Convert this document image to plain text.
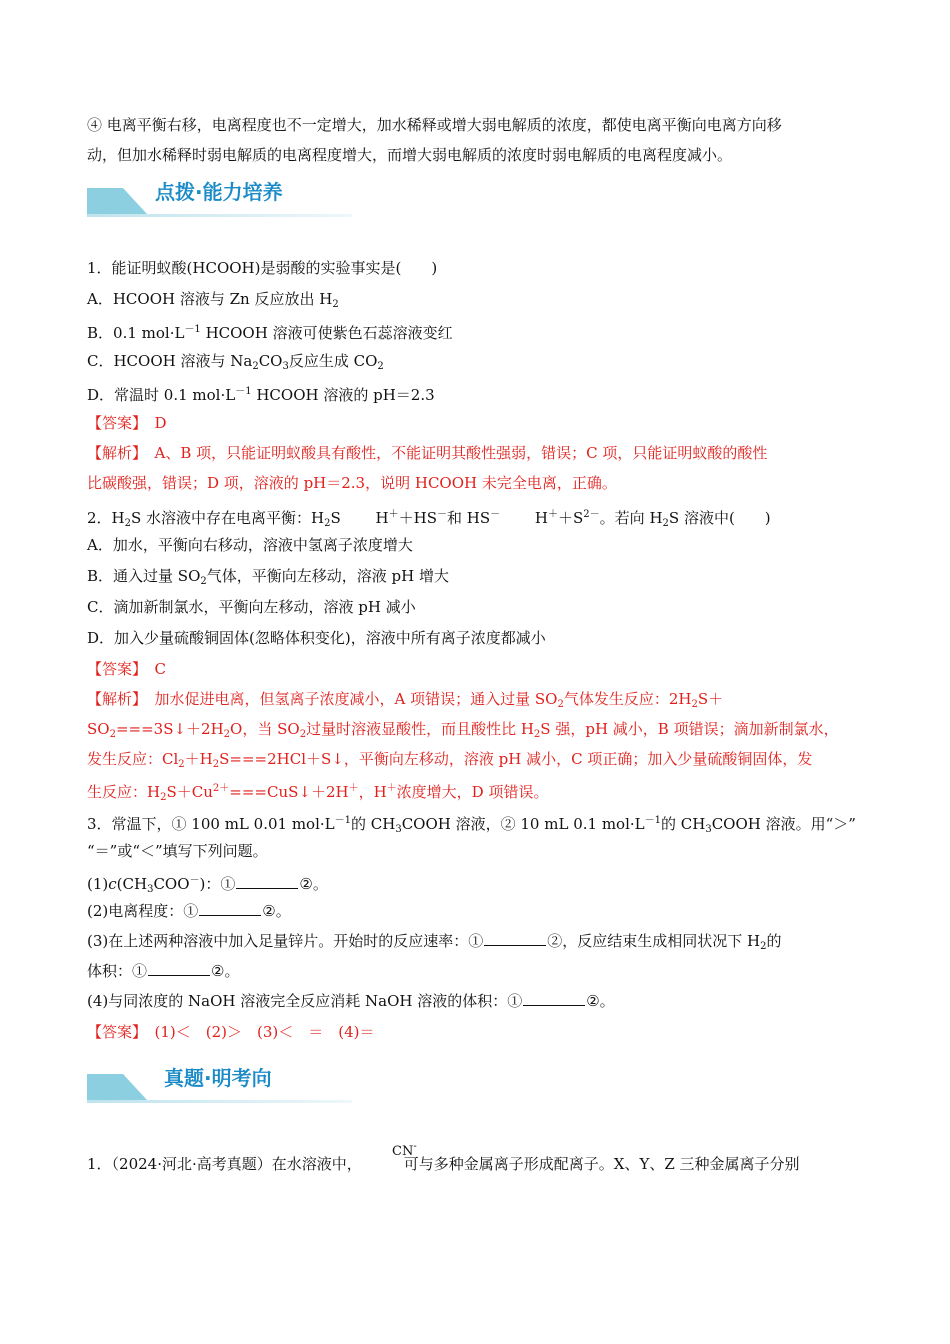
④ 电离平衡右移，电离程度也不一定增大，加水稀释或增大弱电解质的浓度，都使电离平衡向电离方向移
动，但加水稀释时弱电解质的电离程度增大，而增大弱电解质的浓度时弱电解质的电离程度减小。
点拨·能力培养
1．能证明蚁酸(HCOOH)是弱酸的实验事实是(　　)
A．HCOOH 溶液与 Zn 反应放出 $H_2$
B．0.1 $mol\cdot L^{-1}$ HCOOH 溶液可使紫色石蕊溶液变红
C．HCOOH 溶液与 $Na_2CO_3$反应生成 $CO_2$
D．常温时 0.1 $mol\cdot L^{-1}$ HCOOH 溶液的 pH＝2.3
【答案】　 D
【解析】　 A、B 项，只能证明蚁酸具有酸性，不能证明其酸性强弱，错误；C 项，只能证明蚁酸的酸性
比碳酸强，错误；D 项，溶液的 pH＝2.3，说明 HCOOH 未完全电离，正确。
2．$H_2S$ 水溶液中存在电离平衡：$H_2S$　　 H＋＋HS－和 HS－　　 $H^++S^{2-}$。若向 $H_2S$ 溶液中(　　)
A．加水，平衡向右移动，溶液中氢离子浓度增大
B．通入过量 $SO_2$气体，平衡向左移动，溶液 pH 增大
C．滴加新制氯水，平衡向左移动，溶液 pH 减小
D．加入少量硫酸铜固体(忽略体积变化)，溶液中所有离子浓度都减小
【答案】　 C
【解析】　 加水促进电离，但氢离子浓度减小，A 项错误；通入过量 $SO_2$气体发生反应：$2H_2S+$
$SO_2===3S↓+2H_2O$，当 $SO_2$过量时溶液显酸性，而且酸性比 $H_2S$ 强，pH 减小，B 项错误；滴加新制氯水，
发生反应：$Cl_2+H_2S===2HCl+S↓$，平衡向左移动，溶液 pH 减小，C 项正确；加入少量硫酸铜固体，发
生反应：$H_2S+Cu^{2+}===CuS↓+2H^+$，H＋浓度增大，D 项错误。
3．常温下，① 100 mL 0.01 $mol\cdot L^{-1}$的 $CH_3COOH$ 溶液，② 10 mL 0.1 $mol\cdot L^{-1}$的 $CH_3COOH$ 溶液。用“＞”
“＝”或“＜”填写下列问题。
$(1)c(CH_3COO^-)$：①	②。
(2)电离程度：①	②。
(3)在上述两种溶液中加入足量锌片。开始时的反应速率：①	②，反应结束生成相同状况下 $H_2$的
体积：①	②。
(4)与同浓度的 NaOH 溶液完全反应消耗 NaOH 溶液的体积：①	②。
【答案】　 (1)＜　(2)＞　(3)＜　＝　(4)＝
真题·明考向
CN-
1．（2024·河北·高考真题）在水溶液中，	可与多种金属离子形成配离子。X、Y、Z 三种金属离子分别
